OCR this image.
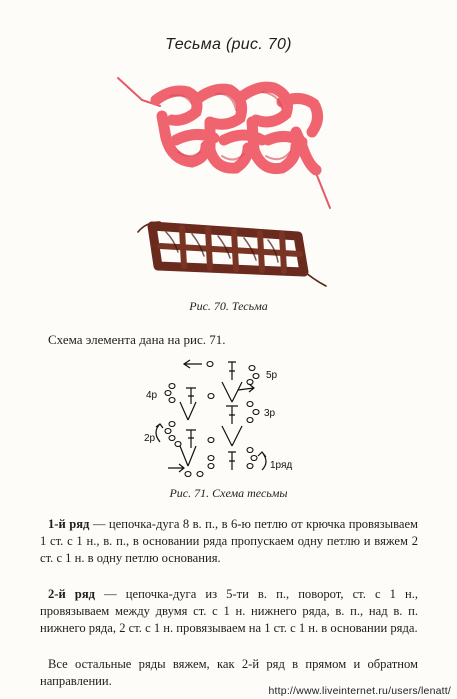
Тесьма (рис. 70)
Рис. 70. Тесьма
Схема элемента дана на рис. 71.
5р
4р
3р
2р
1ряд
Рис. 71. Схема тесьмы
1-й ряд — цепочка-дуга 8 в. п., в 6-ю петлю от крючка провязываем 1 ст. с 1 н., в. п., в основании ряда пропускаем одну петлю и вяжем 2 ст. с 1 н. в одну петлю основания.
2-й ряд — цепочка-дуга из 5-ти в. п., поворот, ст. с 1 н., провязываем между двумя ст. с 1 н. нижнего ряда, в. п., над в. п. нижнего ряда, 2 ст. с 1 н. провязываем на 1 ст. с 1 н. в основании ряда.
Все остальные ряды вяжем, как 2-й ряд в прямом и обратном направлении.
http://www.liveinternet.ru/users/lenatt/
